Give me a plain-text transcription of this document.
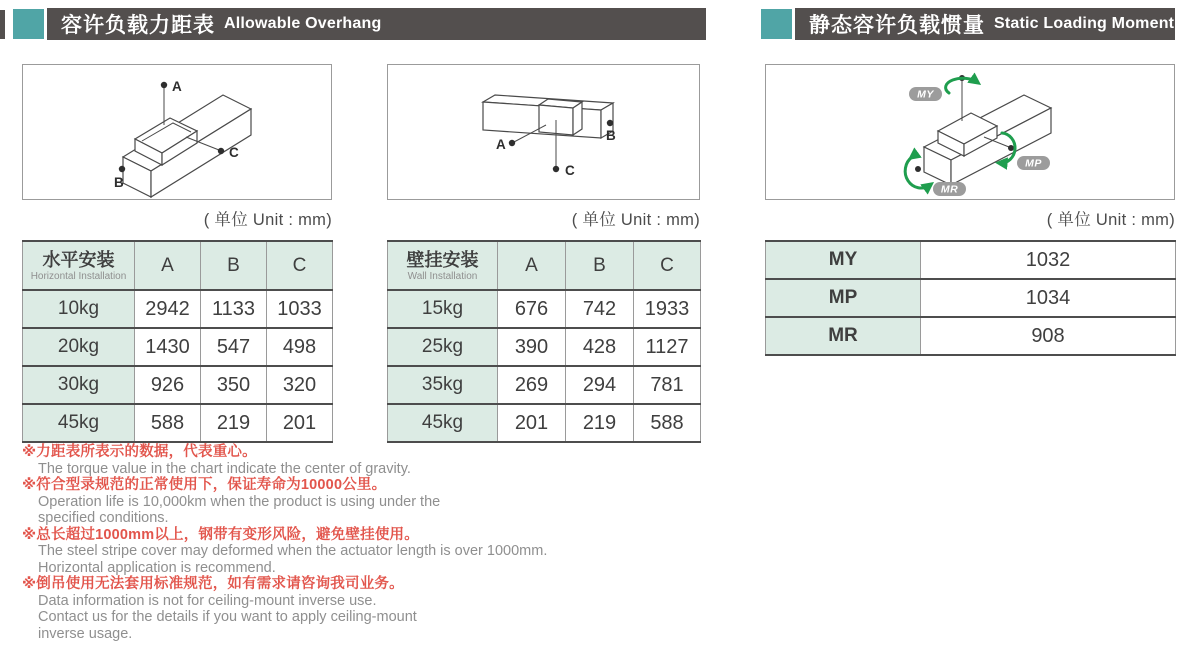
容许负载力距表 Allowable Overhang	静态容许负载惯量 Static Loading Moment
C
A
B
A
C
B
MY
MP
MR
( 单位 Unit : mm)	( 单位 Unit : mm)	( 单位 Unit : mm)
水平安装
Horizontal Installation	A	B	C
10kg	2942	1133	1033
20kg	1430	547	498
30kg	926	350	320
45kg	588	219	201
壁挂安装
Wall Installation	A	B	C
15kg	676	742	1933
25kg	390	428	1127
35kg	269	294	781
45kg	201	219	588
MY	1032
MP	1034
MR	908
※力距表所表示的数据，代表重心。
The torque value in the chart indicate the center of gravity.
※符合型录规范的正常使用下，保证寿命为10000公里。
Operation life is 10,000km when the product is using under the
specified conditions.
※总长超过1000mm以上，钢带有变形风险，避免壁挂使用。
The steel stripe cover may deformed when the actuator length is over 1000mm.
Horizontal application is recommend.
※倒吊使用无法套用标准规范，如有需求请咨询我司业务。
Data information is not for ceiling-mount inverse use.
Contact us for the details if you want to apply ceiling-mount
inverse usage.
